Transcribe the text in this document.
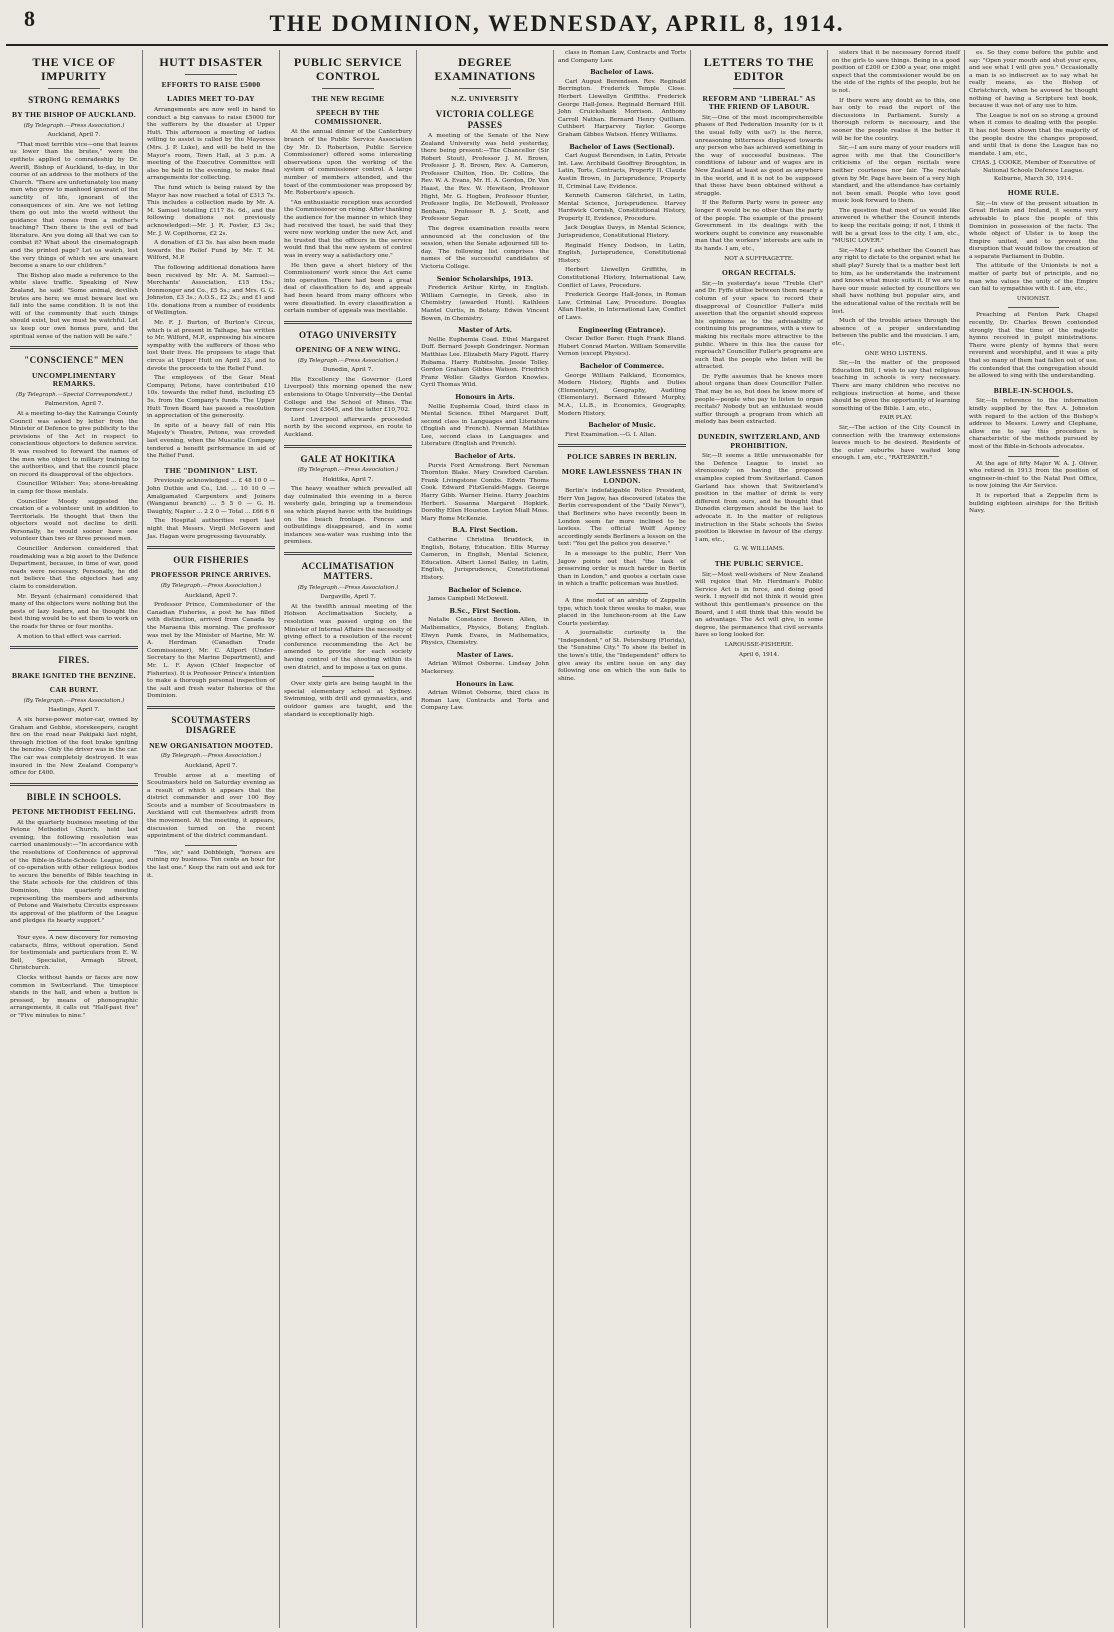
8	THE DOMINION, WEDNESDAY, APRIL 8, 1914.
THE VICE OF IMPURITY
STRONG REMARKS
BY THE BISHOP OF AUCKLAND.
(By Telegraph.—Press Association.)

Auckland, April 7.

"That most terrible vice—one that leaves us lower than the brutes," were the epithets applied to comradeship by Dr. Averill, Bishop of Auckland, to-day, in the course of an address to the mothers of the Church. "There are unfortunately too many men who grow to manhood ignorant of the sanctity of life, ignorant of the consequences of sin. Are we not letting them go out into the world without the guidance that comes from a mother's teaching? Then there is the evil of bad literature. Are you doing all that we can to combat it? What about the cinematograph and the printed page? Let us watch, lest the very things of which we are unaware become a snare to our children."

The Bishop also made a reference to the white slave traffic. Speaking of New Zealand, he said: "Some animal, devilish brutes are here; we must beware lest we fall into the same condition. It is not the will of the community that such things should exist, but we must be watchful. Let us keep our own homes pure, and the spiritual sense of the nation will be safe."

"CONSCIENCE" MEN
UNCOMPLIMENTARY REMARKS.
(By Telegraph.—Special Correspondent.)

Palmerston, April 7.

At a meeting to-day the Kairanga County Council was asked by letter from the Minister of Defence to give publicity to the provisions of the Act in respect to conscientious objectors to defence service. It was resolved to forward the names of the men who object to military training to the authorities, and that the council place on record its disapproval of the objectors.

Councillor Wilsher: Yes; stone-breaking in camp for those mentals.

Councillor Moody suggested the creation of a volunteer unit in addition to Territorials. He thought that then the objectors would not decline to drill. Personally, he would sooner have one volunteer than two or three pressed men.

Councillor Anderson considered that roadmaking was a big asset to the Defence Department, because, in time of war, good roads were necessary. Personally, he did not believe that the objectors had any claim to consideration.

Mr. Bryant (chairman) considered that many of the objectors were nothing but the pests of lazy loafers, and he thought the best thing would be to set them to work on the roads for three or four months.

A motion to that effect was carried.

FIRES.
BRAKE IGNITED THE BENZINE.
CAR BURNT.
(By Telegraph.—Press Association.)

Hastings, April 7.

A six horse-power motor-car, owned by Graham and Gebbie, storekeepers, caught fire on the road near Pakipaki last night, through friction of the foot brake igniting the benzine. Only the driver was in the car. The car was completely destroyed. It was insured in the New Zealand Company's office for £400.

BIBLE IN SCHOOLS.
PETONE METHODIST FEELING.

At the quarterly business meeting of the Petone Methodist Church, held last evening, the following resolution was carried unanimously:—"In accordance with the resolutions of Conference of approval of the Bible-in-State-Schools League, and of co-operation with other religious bodies to secure the benefits of Bible teaching in the State schools for the children of this Dominion, this quarterly meeting representing the members and adherents of Petone and Waiwhetu Circuits expresses its approval of the platform of the League and pledges its hearty support."

Your eyes. A new discovery for removing cataracts, films, without operation. Send for testimonials and particulars from E. W. Bell, Specialist, Armagh Street, Christchurch.

Clocks without hands or faces are now common in Switzerland. The timepiece stands in the hall, and when a button is pressed, by means of phonographic arrangements, it calls out "Half-past five" or "Five minutes to nine."

HUTT DISASTER
EFFORTS TO RAISE £5000
LADIES MEET TO-DAY

Arrangements are now well in hand to conduct a big canvass to raise £5000 for the sufferers by the disaster at Upper Hutt. This afternoon a meeting of ladies willing to assist is called by the Mayoress (Mrs. J. P. Luke), and will be held in the Mayor's room, Town Hall, at 3 p.m. A meeting of the Executive Committee will also be held in the evening, to make final arrangements for collecting.

The fund which is being raised by the Mayor has now reached a total of £313 7s. This includes a collection made by Mr. A. M. Samuel totalling £117 8s. 6d., and the following donations not previously acknowledged:—Mr. J. R. Foster, £3 3s.; Mr. J. W. Copithorne, £2 2s.

A donation of £3 5s. has also been made towards the Relief Fund by Mr. T. M. Wilford, M.P.

The following additional donations have been received by Mr. A. M. Samuel:—Merchants' Association, £15 15s.; Ironmonger and Co., £5 5s.; and Mrs. G. G. Johnston, £3 3s.; A.O.S., £2 2s.; and £1 and 10s. donations from a number of residents of Wellington.

Mr. F. J. Burton, of Burton's Circus, which is at present in Taihape, has written to Mr. Wilford, M.P., expressing his sincere sympathy with the sufferers of those who lost their lives. He proposes to stage that circus at Upper Hutt on April 23, and to devote the proceeds to the Relief Fund.

The employees of the Gear Meat Company, Petone, have contributed £10 10s. towards the relief fund, including £5 5s. from the Company's funds. The Upper Hutt Town Board has passed a resolution in appreciation of the generosity.

In spite of a heavy fall of rain His Majesty's Theatre, Petone, was crowded last evening, when the Muscatie Company tendered a benefit performance in aid of the Relief Fund.

THE "DOMINION" LIST.

Previously acknowledged ... £ 48 10 0 — John Duthie and Co., Ltd. ... 10 10 0 — Amalgamated Carpenters and Joiners (Wanganui branch) ... 5 5 0 — G. H. Daughty, Napier ... 2 2 0 — Total ... £66 6 6

The Hospital authorities report last night that Messrs. Virgil McGovern and Jas. Hagan were progressing favourably.

OUR FISHERIES
PROFESSOR PRINCE ARRIVES.
(By Telegraph.—Press Association.)

Auckland, April 7.

Professor Prince, Commissioner of the Canadian Fisheries, a post he has filled with distinction, arrived from Canada by the Maraena this morning. The professor was met by the Minister of Marine, Mr. W. A. Herdman (Canadian Trade Commissioner), Mr. C. Allport (Under-Secretary to the Marine Department), and Mr. L. F. Ayson (Chief Inspector of Fisheries). It is Professor Prince's intention to make a thorough personal inspection of the salt and fresh water fisheries of the Dominion.

SCOUTMASTERS DISAGREE
NEW ORGANISATION MOOTED.
(By Telegraph.—Press Association.)

Auckland, April 7.

Trouble arose at a meeting of Scoutmasters held on Saturday evening as a result of which it appears that the district commander and over 100 Boy Scouts and a number of Scoutmasters in Auckland will cut themselves adrift from the movement. At the meeting, it appears, discussion turned on the recent appointment of the district commandant.

"Yes, sir," said Dobbleigh, "horses are ruining my business. Ten cents an hour for the last one." Keep the rain out and ask for it.

PUBLIC SERVICE CONTROL
THE NEW REGIME
SPEECH BY THE COMMISSIONER.

At the annual dinner of the Canterbury branch of the Public Service Association (by Mr. D. Robertson, Public Service Commissioner) offered some interesting observations upon the working of the system of commissioner control. A large number of members attended, and the toast of the commissioner was proposed by Mr. Robertson's speech.

"An enthusiastic reception was accorded the Commissioner on rising. After thanking the audience for the manner in which they had received the toast, he said that they were now working under the new Act, and he trusted that the officers in the service would find that the new system of control was in every way a satisfactory one."

He then gave a short history of the Commissioners' work since the Act came into operation. There had been a great deal of classification to do, and appeals had been heard from many officers who were dissatisfied. In every classification a certain number of appeals was inevitable.

OTAGO UNIVERSITY
OPENING OF A NEW WING.
(By Telegraph.—Press Association.)

Dunedin, April 7.

His Excellency the Governor (Lord Liverpool) this morning opened the new extensions to Otago University—the Dental College and the School of Mines. The former cost £3645, and the latter £10,702.

Lord Liverpool afterwards proceeded north by the second express, en route to Auckland.

GALE AT HOKITIKA
(By Telegraph.—Press Association.)

Hokitika, April 7.

The heavy weather which prevailed all day culminated this evening in a fierce westerly gale, bringing up a tremendous sea which played havoc with the buildings on the beach frontage. Fences and outbuildings disappeared, and in some instances sea-water was rushing into the premises.

ACCLIMATISATION MATTERS.
(By Telegraph.—Press Association.)

Dargaville, April 7.

At the twelfth annual meeting of the Hobson Acclimatisation Society, a resolution was passed urging on the Minister of Internal Affairs the necessity of giving effect to a resolution of the recent conference recommending the Act be amended to provide for each society having control of the shooting within its own district, and to impose a tax on guns.

Over sixty girls are being taught in the special elementary school at Sydney. Swimming, with drill and gymnastics, and outdoor games are taught, and the standard is exceptionally high.

DEGREE EXAMINATIONS
N.Z. UNIVERSITY
VICTORIA COLLEGE PASSES

A meeting of the Senate of the New Zealand University was held yesterday, there being present:—The Chancellor (Sir Robert Stout), Professor J. M. Brown, Professor J. R. Brown, Rev. A. Cameron, Professor Chilton, Hon. Dr. Collins, the Rev. W. A. Evans, Mr. H. A. Gordon, Dr. Von Haast, the Rev. W. Hewitson, Professor Hight, Mr. G. Hogben, Professor Hunter, Professor Inglis, Dr. McDowell, Professor Benham, Professor R. J. Scott, and Professor Segar.

The degree examination results were announced at the conclusion of the session, when the Senate adjourned till to-day. The following list comprises the names of the successful candidates of Victoria College.

Senior Scholarships, 1913.

Frederick Arthur Kirby, in English. William Carnegie, in Greek, also in Chemistry (awarded Hunt). Kathleen Mantel Curtis, in Botany. Edwin Vincent Bowen, in Chemistry.

Master of Arts.

Nellie Euphemia Coad. Ethel Margaret Duff. Bernard Joseph Gondringer. Norman Matthias Lee. Elizabeth Mary Pigott. Harry Rubama. Harry Rubitsohn. Jessie Tolley. Gordon Graham Gibbes Watson. Friedrich Franz Woller. Gladys Gordon Knowles. Cyril Thomas Wild.

Honours in Arts.

Nellie Euphemia Coad, third class in Mental Science. Ethel Margaret Duff, second class in Languages and Literature (English and French). Norman Matthias Lee, second class in Languages and Literature (English and French).

Bachelor of Arts.

Purvis Ford Armstrong. Bert Newman Thornton Blake. Mary Crawford Carolan. Frank Livingstone Combs. Edwin Thoms Cook. Edward FitzGerald-Maggs. George Harry Gibb. Warner Heine. Harry Joachim Herbert. Susanna Margaret Hopkirk. Dorothy Ellen Houston. Leyton Miall Moss. Mary Rome McKenzie.

B.A. First Section.

Catherine Christina Bruddock, in English, Botany, Education. Ellis Murray Cameron, in English, Mental Science, Education. Albert Lionel Bailey, in Latin, English, Jurisprudence, Constitutional History.

Bachelor of Science.

James Campbell McDowell.

B.Sc., First Section.

Natalie Constance Bowen Allen, in Mathematics, Physics, Botany, English. Elwyn Pamk Evans, in Mathematics, Physics, Chemistry.

Master of Laws.

Adrian Wilmot Osborne. Lindsay John Mackersey.

Honours in Law.

Adrian Wilmot Osborne, third class in Roman Law, Contracts and Torts and Company Law.

class in Roman Law, Contracts and Torts and Company Law.

Bachelor of Laws.

Carl August Berendsen. Rev. Reginald Berrington. Frederick Temple Close. Herbert Llewellyn Griffiths. Frederick George Hall-Jones. Reginald Bernard Hill. John Cruickshank Morrison. Anthony Carroll Nathan. Bernard Henry Quilliam. Cuthbert Harparvey Taylor. George Graham Gibbes Watson. Henry Williams.

Bachelor of Laws (Sectional).

Carl August Berendsen, in Latin, Private Int. Law. Archibald Geoffrey Broughton, in Latin, Torts, Contracts, Property II. Claude Austin Brown, in Jurisprudence, Property II, Criminal Law, Evidence.

Kenneth Cameron Gilchrist, in Latin, Mental Science, Jurisprudence. Harvey Hardwick Cornish, Constitutional History, Property II, Evidence, Procedure.

Jack Douglas Davys, in Mental Science, Jurisprudence, Constitutional History.

Reginald Henry Dodson, in Latin, English, Jurisprudence, Constitutional History.

Herbert Llewellyn Griffiths, in Constitutional History, International Law, Conflict of Laws, Procedure.

Frederick George Hall-Jones, in Roman Law, Criminal Law, Procedure. Douglas Allan Hastie, in International Law, Conflict of Laws.

Engineering (Entrance).

Oscar Deflor Barer. Hugh Frank Bland. Hubert Conrad Marton. William Somerville Vernon (except Physics).

Bachelor of Commerce.

George William Falkland, Economics, Modern History, Rights and Duties (Elementary), Geography, Auditing (Elementary). Bernard Edward Murphy, M.A., LL.B., in Economics, Geography, Modern History.

Bachelor of Music.

First Examination.—G. I. Allan.

POLICE SABRES IN BERLIN.
MORE LAWLESSNESS THAN IN LONDON.

Berlin's indefatigable Police President, Herr Von Jagow, has discovered (states the Berlin correspondent of the "Daily News"), that Berliners who have recently been in London seem far more inclined to be lawless. The official Wolff Agency accordingly sends Berliners a lesson on the text: "You get the police you deserve."

In a message to the public, Herr Von Jagow points out that "the task of preserving order is much harder in Berlin than in London," and quotes a certain case in which a traffic policeman was hustled.

A fine model of an airship of Zeppelin type, which took three weeks to make, was placed in the luncheon-room at the Law Courts yesterday.

A journalistic curiosity is the "Independent," of St. Petersburg (Florida), the "Sunshine City." To show its belief in the town's title, the "Independent" offers to give away its entire issue on any day following one on which the sun fails to shine.

LETTERS TO THE EDITOR
REFORM AND "LIBERAL" AS THE FRIEND OF LABOUR.

Sir,—One of the most incomprehensible phases of Red Federation insanity (or is it the usual folly with us?) is the fierce, unreasoning bitterness displayed towards any person who has achieved something in the way of successful business. The conditions of labour and of wages are in New Zealand at least as good as anywhere in the world, and it is not to be supposed that these have been obtained without a struggle.

If the Reform Party were in power any longer it would be no other than the party of the people. The example of the present Government in its dealings with the workers ought to convince any reasonable man that the workers' interests are safe in its hands. I am, etc.,

NOT A SUFFRAGETTE.

ORGAN RECITALS.

Sir,—In yesterday's issue "Treble Clef" and Dr. Fyffe utilise between them nearly a column of your space to record their disapproval of Councillor Fuller's mild assertion that the organist should express his opinions as to the advisability of continuing his programmes, with a view to making his recitals more attractive to the public. Where in this lies the cause for reproach? Councillor Fuller's programs are such that the people who listen will be attracted.

Dr. Fyffe assumes that he knows more about organs than does Councillor Fuller. That may be so, but does he know more of people—people who pay to listen to organ recitals? Nobody but an enthusiast would suffer through a program from which all melody has been extracted.

DUNEDIN, SWITZERLAND, AND PROHIBITION.

Sir,—It seems a little unreasonable for the Defence League to insist so strenuously on having the proposed examples copied from Switzerland. Canon Garland has shown that Switzerland's position in the matter of drink is very different from ours, and he thought that Dunedin clergymen should be the last to advocate it. In the matter of religious instruction in the State schools the Swiss position is likewise in favour of the clergy. I am, etc.,

G. W. WILLIAMS.

THE PUBLIC SERVICE.

Sir,—Most well-wishers of New Zealand will rejoice that Mr. Herdman's Public Service Act is in force, and doing good work. I myself did not think it would give without this gentleman's presence on the Board, and I still think that this would be an advantage. The Act will give, in some degree, the permanence that civil servants have so long looked for.

LAROUSSE-FISHERIE.

April 6, 1914.

sisters that it be necessary forced itself on the girls to save things. Being in a good position of £200 or £300 a year, one might expect that the commissioner would be on the side of the rights of the people, but he is not.

If there were any doubt as to this, one has only to read the report of the discussions in Parliament. Surely a thorough reform is necessary, and the sooner the people realise it the better it will be for the country.

Sir,—I am sure many of your readers will agree with me that the Councillor's criticisms of the organ recitals were neither courteous nor fair. The recitals given by Mr. Page have been of a very high standard, and the attendance has certainly not been small. People who love good music look forward to them.

The question that most of us would like answered is whether the Council intends to keep the recitals going; if not, I think it will be a great loss to the city. I am, etc., "MUSIC LOVER."

Sir,—May I ask whether the Council has any right to dictate to the organist what he shall play? Surely that is a matter best left to him, as he understands the instrument and knows what music suits it. If we are to have our music selected by councillors we shall have nothing but popular airs, and the educational value of the recitals will be lost.

Much of the trouble arises through the absence of a proper understanding between the public and the musician. I am, etc.,

ONE WHO LISTENS.

Sir,—In the matter of the proposed Education Bill, I wish to say that religious teaching in schools is very necessary. There are many children who receive no religious instruction at home, and these should be given the opportunity of learning something of the Bible. I am, etc.,

FAIR PLAY.

Sir,—The action of the City Council in connection with the tramway extensions leaves much to be desired. Residents of the outer suburbs have waited long enough. I am, etc., "RATEPAYER."

es. So they come before the public and say: "Open your mouth and shut your eyes, and see what I will give you." Occasionally a man is so indiscreet as to say what he really means, as the Bishop of Christchurch, when he avowed he thought nothing of having a Scripture text book, because it was not of any use to him.

The League is not on so strong a ground when it comes to dealing with the people. It has not been shown that the majority of the people desire the changes proposed, and until that is done the League has no mandate. I am, etc.,

CHAS. J. COOKE, Member of Executive of National Schools Defence League. Kelburne, March 30, 1914.

HOME RULE.

Sir,—In view of the present situation in Great Britain and Ireland, it seems very advisable to place the people of this Dominion in possession of the facts. The whole object of Ulster is to keep the Empire united, and to prevent the disruption that would follow the creation of a separate Parliament in Dublin.

The attitude of the Unionists is not a matter of party but of principle, and no man who values the unity of the Empire can fail to sympathise with it. I am, etc.,

UNIONIST.

Preaching at Fenton Park Chapel recently, Dr. Charles Brown contended strongly that the time of the majestic hymns received in pulpit ministrations. There were plenty of hymns that were reverent and worshipful, and it was a pity that so many of them had fallen out of use. He contended that the congregation should be allowed to sing with the understanding.

BIBLE-IN-SCHOOLS.

Sir,—In reference to the information kindly supplied by the Rev. A. Johnston with regard to the action of the Bishop's address to Messrs. Lowry and Clephane, allow me to say this procedure is characteristic of the methods pursued by most of the Bible-in-Schools advocates.

At the age of fifty Major W. A. J. Oliver, who retired in 1913 from the position of engineer-in-chief to the Natal Post Office, is now joining the Air Service.

It is reported that a Zeppelin firm is building eighteen airships for the British Navy.
